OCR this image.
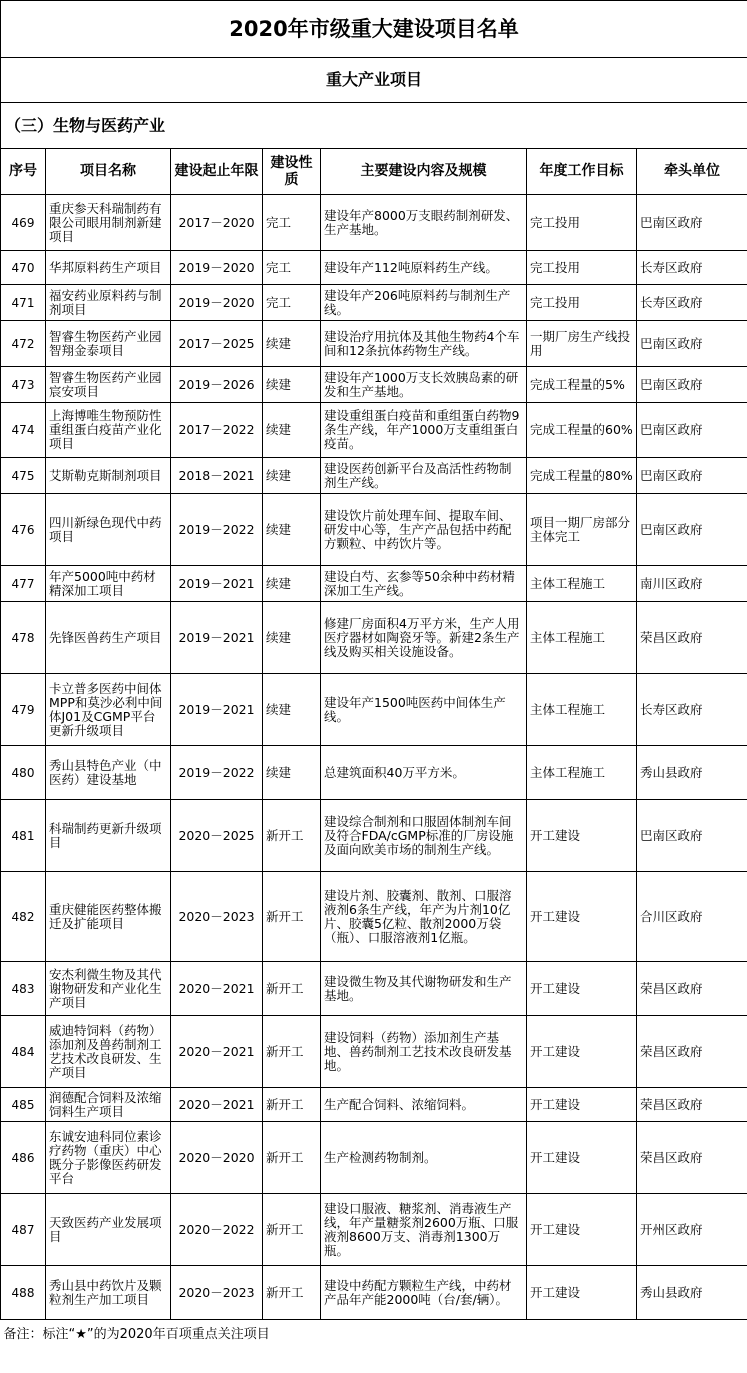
2020年市级重大建设项目名单						
重大产业项目						
（三）生物与医药产业						
序号	项目名称	建设起止年限	建设性质	主要建设内容及规模	年度工作目标	牵头单位
469	重庆参天科瑞制药有限公司眼用制剂新建项目	2017－2020	完工	建设年产8000万支眼药制剂研发、生产基地。	完工投用	巴南区政府
470	华邦原料药生产项目	2019－2020	完工	建设年产112吨原料药生产线。	完工投用	长寿区政府
471	福安药业原料药与制剂项目	2019－2020	完工	建设年产206吨原料药与制剂生产线。	完工投用	长寿区政府
472	智睿生物医药产业园智翔金泰项目	2017－2025	续建	建设治疗用抗体及其他生物药4个车间和12条抗体药物生产线。	一期厂房生产线投用	巴南区政府
473	智睿生物医药产业园宸安项目	2019－2026	续建	建设年产1000万支长效胰岛素的研发和生产基地。	完成工程量的5%	巴南区政府
474	上海博唯生物预防性重组蛋白疫苗产业化项目	2017－2022	续建	建设重组蛋白疫苗和重组蛋白药物9条生产线，年产1000万支重组蛋白疫苗。	完成工程量的60%	巴南区政府
475	艾斯勒克斯制剂项目	2018－2021	续建	建设医药创新平台及高活性药物制剂生产线。	完成工程量的80%	巴南区政府
476	四川新绿色现代中药项目	2019－2022	续建	建设饮片前处理车间、提取车间、研发中心等，生产产品包括中药配方颗粒、中药饮片等。	项目一期厂房部分主体完工	巴南区政府
477	年产5000吨中药材精深加工项目	2019－2021	续建	建设白芍、玄参等50余种中药材精深加工生产线。	主体工程施工	南川区政府
478	先锋医兽药生产项目	2019－2021	续建	修建厂房面积4万平方米，生产人用医疗器材如陶瓷牙等。新建2条生产线及购买相关设施设备。	主体工程施工	荣昌区政府
479	卡立普多医药中间体MPP和莫沙必利中间体J01及CGMP平台更新升级项目	2019－2021	续建	建设年产1500吨医药中间体生产线。	主体工程施工	长寿区政府
480	秀山县特色产业（中医药）建设基地	2019－2022	续建	总建筑面积40万平方米。	主体工程施工	秀山县政府
481	科瑞制药更新升级项目	2020－2025	新开工	建设综合制剂和口服固体制剂车间及符合FDA/cGMP标准的厂房设施及面向欧美市场的制剂生产线。	开工建设	巴南区政府
482	重庆健能医药整体搬迁及扩能项目	2020－2023	新开工	建设片剂、胶囊剂、散剂、口服溶液剂6条生产线，年产为片剂10亿片、胶囊5亿粒、散剂2000万袋（瓶）、口服溶液剂1亿瓶。	开工建设	合川区政府
483	安杰利微生物及其代谢物研发和产业化生产项目	2020－2021	新开工	建设微生物及其代谢物研发和生产基地。	开工建设	荣昌区政府
484	威迪特饲料（药物）添加剂及兽药制剂工艺技术改良研发、生产项目	2020－2021	新开工	建设饲料（药物）添加剂生产基地、兽药制剂工艺技术改良研发基地。	开工建设	荣昌区政府
485	润德配合饲料及浓缩饲料生产项目	2020－2021	新开工	生产配合饲料、浓缩饲料。	开工建设	荣昌区政府
486	东诚安迪科同位素诊疗药物（重庆）中心既分子影像医药研发平台	2020－2020	新开工	生产检测药物制剂。	开工建设	荣昌区政府
487	天致医药产业发展项目	2020－2022	新开工	建设口服液、糖浆剂、消毒液生产线，年产量糖浆剂2600万瓶、口服液剂8600万支、消毒剂1300万瓶。	开工建设	开州区政府
488	秀山县中药饮片及颗粒剂生产加工项目	2020－2023	新开工	建设中药配方颗粒生产线，中药材产品年产能2000吨（台/套/辆）。	开工建设	秀山县政府
备注：标注“★”的为2020年百项重点关注项目						
